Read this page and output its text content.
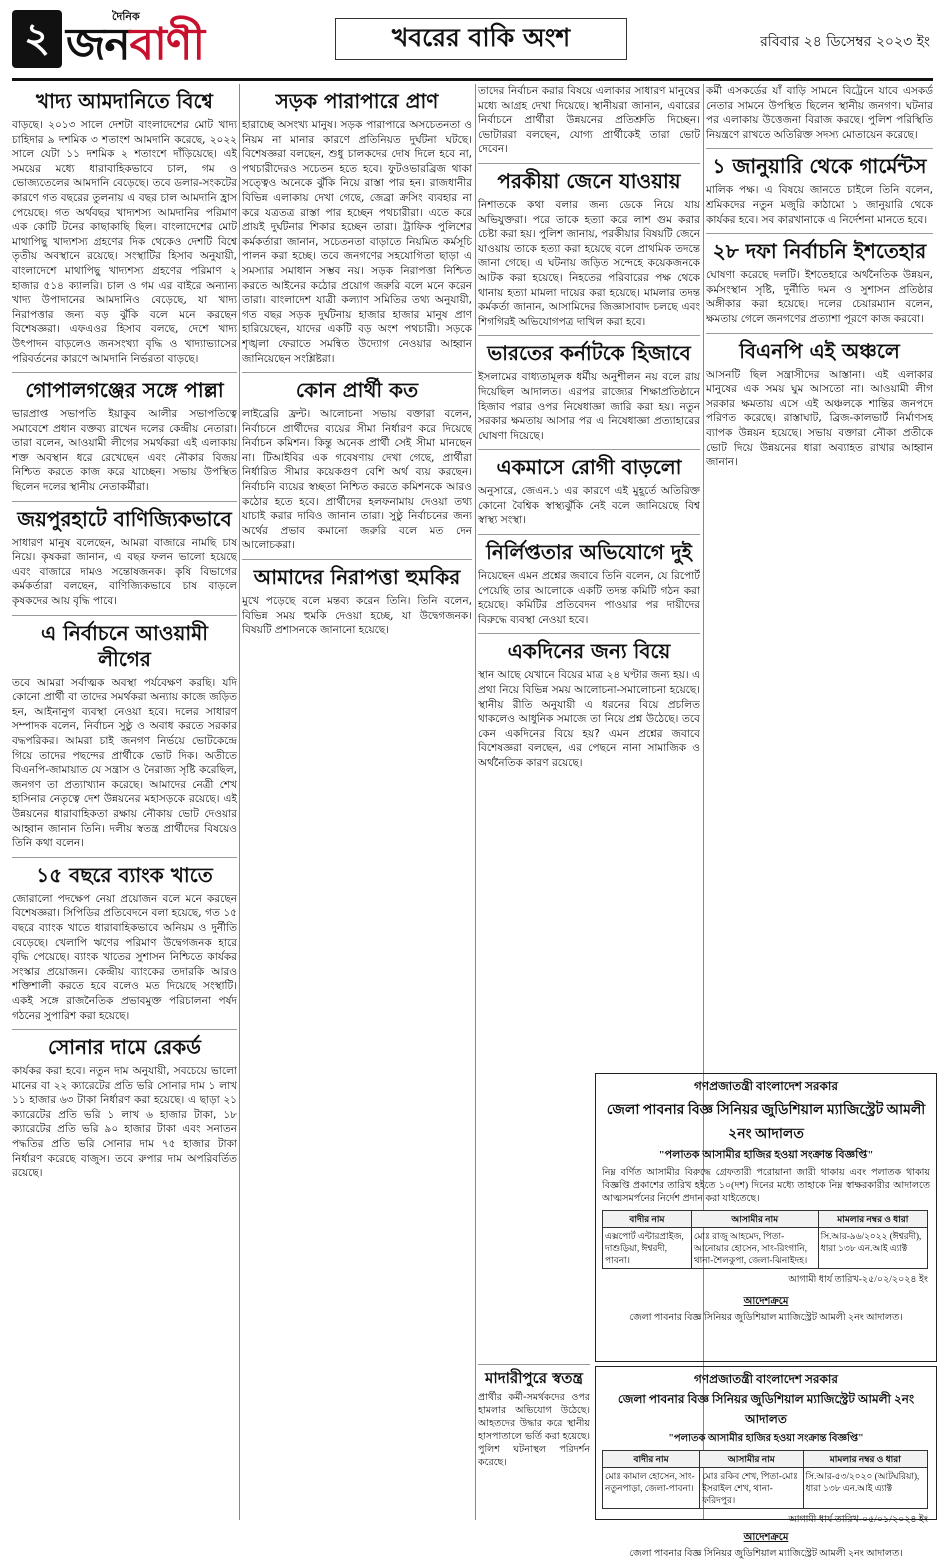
২	দৈনিক
জনবাণী	খবরের বাকি অংশ	রবিবার ২৪ ডিসেম্বর ২০২৩ ইং
খাদ্য আমদানিতে বিশ্বে

বাড়ছে। ২০১৩ সালে দেশটা বাংলাদেশের মোট খাদ্য চাহিদার ৯ দশমিক ৩ শতাংশ আমদানি করেছে, ২০২২ সালে যেটা ১১ দশমিক ২ শতাংশে দাঁড়িয়েছে। এই সময়ের মধ্যে ধারাবাহিকভাবে চাল, গম ও ভোজ্যতেলের আমদানি বেড়েছে। তবে ডলার-সংকটের কারণে গত বছরের তুলনায় এ বছর চাল আমদানি হ্রাস পেয়েছে। গত অর্থবছর খাদ্যশস্য আমদানির পরিমাণ এক কোটি টনের কাছাকাছি ছিল। বাংলাদেশের মোট মাথাপিছু খাদ্যশস্য গ্রহণের দিক থেকেও দেশটি বিশ্বে তৃতীয় অবস্থানে রয়েছে। সংস্থাটির হিসাব অনুযায়ী, বাংলাদেশে মাথাপিছু খাদ্যশস্য গ্রহণের পরিমাণ ২ হাজার ৫১৪ ক্যালরি। চাল ও গম এর বাইরে অন্যান্য খাদ্য উপাদানের আমদানিও বেড়েছে, যা খাদ্য নিরাপত্তার জন্য বড় ঝুঁকি বলে মনে করছেন বিশেষজ্ঞরা। এফএওর হিসাব বলছে, দেশে খাদ্য উৎপাদন বাড়লেও জনসংখ্যা বৃদ্ধি ও খাদ্যাভ্যাসের পরিবর্তনের কারণে আমদানি নির্ভরতা বাড়ছে।

গোপালগঞ্জের সঙ্গে পাল্লা

ভারপ্রাপ্ত সভাপতি ইয়াকুব আলীর সভাপতিত্বে সমাবেশে প্রধান বক্তব্য রাখেন দলের কেন্দ্রীয় নেতারা। তারা বলেন, আওয়ামী লীগের সমর্থকরা এই এলাকায় শক্ত অবস্থান ধরে রেখেছেন এবং নৌকার বিজয় নিশ্চিত করতে কাজ করে যাচ্ছেন। সভায় উপস্থিত ছিলেন দলের স্থানীয় নেতাকর্মীরা।

জয়পুরহাটে বাণিজ্যিকভাবে

সাধারণ মানুষ বলেছেন, আমরা বাজারে নামছি চাষ নিয়ে। কৃষকরা জানান, এ বছর ফলন ভালো হয়েছে এবং বাজারে দামও সন্তোষজনক। কৃষি বিভাগের কর্মকর্তারা বলছেন, বাণিজ্যিকভাবে চাষ বাড়লে কৃষকদের আয় বৃদ্ধি পাবে।

এ নির্বাচনে আওয়ামী লীগের

তবে আমরা সর্বাত্মক অবস্থা পর্যবেক্ষণ করছি। যদি কোনো প্রার্থী বা তাদের সমর্থকরা অন্যায় কাজে জড়িত হন, আইনানুগ ব্যবস্থা নেওয়া হবে। দলের সাধারণ সম্পাদক বলেন, নির্বাচন সুষ্ঠু ও অবাধ করতে সরকার বদ্ধপরিকর। আমরা চাই জনগণ নির্ভয়ে ভোটকেন্দ্রে গিয়ে তাদের পছন্দের প্রার্থীকে ভোট দিক। অতীতে বিএনপি-জামায়াত যে সন্ত্রাস ও নৈরাজ্য সৃষ্টি করেছিল, জনগণ তা প্রত্যাখ্যান করেছে। আমাদের নেত্রী শেখ হাসিনার নেতৃত্বে দেশ উন্নয়নের মহাসড়কে রয়েছে। এই উন্নয়নের ধারাবাহিকতা রক্ষায় নৌকায় ভোট দেওয়ার আহ্বান জানান তিনি। দলীয় স্বতন্ত্র প্রার্থীদের বিষয়েও তিনি কথা বলেন।

১৫ বছরে ব্যাংক খাতে

জোরালো পদক্ষেপ নেয়া প্রয়োজন বলে মনে করছেন বিশেষজ্ঞরা। সিপিডির প্রতিবেদনে বলা হয়েছে, গত ১৫ বছরে ব্যাংক খাতে ধারাবাহিকভাবে অনিয়ম ও দুর্নীতি বেড়েছে। খেলাপি ঋণের পরিমাণ উদ্বেগজনক হারে বৃদ্ধি পেয়েছে। ব্যাংক খাতের সুশাসন নিশ্চিতে কার্যকর সংস্কার প্রয়োজন। কেন্দ্রীয় ব্যাংকের তদারকি আরও শক্তিশালী করতে হবে বলেও মত দিয়েছে সংস্থাটি। একই সঙ্গে রাজনৈতিক প্রভাবমুক্ত পরিচালনা পর্ষদ গঠনের সুপারিশ করা হয়েছে।

সোনার দামে রেকর্ড

কার্যকর করা হবে। নতুন দাম অনুযায়ী, সবচেয়ে ভালো মানের বা ২২ ক্যারেটের প্রতি ভরি সোনার দাম ১ লাখ ১১ হাজার ৬৩ টাকা নির্ধারণ করা হয়েছে। এ ছাড়া ২১ ক্যারেটের প্রতি ভরি ১ লাখ ৬ হাজার টাকা, ১৮ ক্যারেটের প্রতি ভরি ৯০ হাজার টাকা এবং সনাতন পদ্ধতির প্রতি ভরি সোনার দাম ৭৫ হাজার টাকা নির্ধারণ করেছে বাজুস। তবে রুপার দাম অপরিবর্তিত রয়েছে।

সড়ক পারাপারে প্রাণ

হারাচ্ছে অসংখ্য মানুষ। সড়ক পারাপারে অসচেতনতা ও নিয়ম না মানার কারণে প্রতিনিয়ত দুর্ঘটনা ঘটছে। বিশেষজ্ঞরা বলছেন, শুধু চালকদের দোষ দিলে হবে না, পথচারীদেরও সচেতন হতে হবে। ফুটওভারব্রিজ থাকা সত্ত্বেও অনেকে ঝুঁকি নিয়ে রাস্তা পার হন। রাজধানীর বিভিন্ন এলাকায় দেখা গেছে, জেব্রা ক্রসিং ব্যবহার না করে যত্রতত্র রাস্তা পার হচ্ছেন পথচারীরা। এতে করে প্রায়ই দুর্ঘটনার শিকার হচ্ছেন তারা। ট্রাফিক পুলিশের কর্মকর্তারা জানান, সচেতনতা বাড়াতে নিয়মিত কর্মসূচি পালন করা হচ্ছে। তবে জনগণের সহযোগিতা ছাড়া এ সমস্যার সমাধান সম্ভব নয়। সড়ক নিরাপত্তা নিশ্চিত করতে আইনের কঠোর প্রয়োগ জরুরি বলে মনে করেন তারা। বাংলাদেশ যাত্রী কল্যাণ সমিতির তথ্য অনুযায়ী, গত বছর সড়ক দুর্ঘটনায় হাজার হাজার মানুষ প্রাণ হারিয়েছেন, যাদের একটি বড় অংশ পথচারী। সড়কে শৃঙ্খলা ফেরাতে সমন্বিত উদ্যোগ নেওয়ার আহ্বান জানিয়েছেন সংশ্লিষ্টরা।

কোন প্রার্থী কত

লাইব্রেরি ফ্রন্ট। আলোচনা সভায় বক্তারা বলেন, নির্বাচনে প্রার্থীদের ব্যয়ের সীমা নির্ধারণ করে দিয়েছে নির্বাচন কমিশন। কিন্তু অনেক প্রার্থী সেই সীমা মানছেন না। টিআইবির এক গবেষণায় দেখা গেছে, প্রার্থীরা নির্ধারিত সীমার কয়েকগুণ বেশি অর্থ ব্যয় করছেন। নির্বাচনি ব্যয়ের স্বচ্ছতা নিশ্চিত করতে কমিশনকে আরও কঠোর হতে হবে। প্রার্থীদের হলফনামায় দেওয়া তথ্য যাচাই করার দাবিও জানান তারা। সুষ্ঠু নির্বাচনের জন্য অর্থের প্রভাব কমানো জরুরি বলে মত দেন আলোচকরা।

আমাদের নিরাপত্তা হুমকির

মুখে পড়েছে বলে মন্তব্য করেন তিনি। তিনি বলেন, বিভিন্ন সময় হুমকি দেওয়া হচ্ছে, যা উদ্বেগজনক। বিষয়টি প্রশাসনকে জানানো হয়েছে।

তাদের নির্বাচন করার বিষয়ে এলাকার সাধারণ মানুষের মধ্যে আগ্রহ দেখা দিয়েছে। স্থানীয়রা জানান, এবারের নির্বাচনে প্রার্থীরা উন্নয়নের প্রতিশ্রুতি দিচ্ছেন। ভোটাররা বলছেন, যোগ্য প্রার্থীকেই তারা ভোট দেবেন।

পরকীয়া জেনে যাওয়ায়

নিশাতকে কথা বলার জন্য ডেকে নিয়ে যায় অভিযুক্তরা। পরে তাকে হত্যা করে লাশ গুম করার চেষ্টা করা হয়। পুলিশ জানায়, পরকীয়ার বিষয়টি জেনে যাওয়ায় তাকে হত্যা করা হয়েছে বলে প্রাথমিক তদন্তে জানা গেছে। এ ঘটনায় জড়িত সন্দেহে কয়েকজনকে আটক করা হয়েছে। নিহতের পরিবারের পক্ষ থেকে থানায় হত্যা মামলা দায়ের করা হয়েছে। মামলার তদন্ত কর্মকর্তা জানান, আসামিদের জিজ্ঞাসাবাদ চলছে এবং শিগগিরই অভিযোগপত্র দাখিল করা হবে।

ভারতের কর্নাটকে হিজাবে

ইসলামের বাধ্যতামূলক ধর্মীয় অনুশীলন নয় বলে রায় দিয়েছিল আদালত। এরপর রাজ্যের শিক্ষাপ্রতিষ্ঠানে হিজাব পরার ওপর নিষেধাজ্ঞা জারি করা হয়। নতুন সরকার ক্ষমতায় আসার পর এ নিষেধাজ্ঞা প্রত্যাহারের ঘোষণা দিয়েছে।

একমাসে রোগী বাড়লো

অনুসারে, জেএন.১ এর কারণে এই মুহূর্তে অতিরিক্ত কোনো বৈশ্বিক স্বাস্থ্যঝুঁকি নেই বলে জানিয়েছে বিশ্ব স্বাস্থ্য সংস্থা।

নির্লিপ্ততার অভিযোগে দুই

নিয়েছেন এমন প্রশ্নের জবাবে তিনি বলেন, যে রিপোর্ট পেয়েছি তার আলোকে একটি তদন্ত কমিটি গঠন করা হয়েছে। কমিটির প্রতিবেদন পাওয়ার পর দায়ীদের বিরুদ্ধে ব্যবস্থা নেওয়া হবে।

একদিনের জন্য বিয়ে

স্থান আছে যেখানে বিয়ের মাত্র ২৪ ঘণ্টার জন্য হয়। এ প্রথা নিয়ে বিভিন্ন সময় আলোচনা-সমালোচনা হয়েছে। স্থানীয় রীতি অনুযায়ী এ ধরনের বিয়ে প্রচলিত থাকলেও আধুনিক সমাজে তা নিয়ে প্রশ্ন উঠেছে। তবে কেন একদিনের বিয়ে হয়? এমন প্রশ্নের জবাবে বিশেষজ্ঞরা বলছেন, এর পেছনে নানা সামাজিক ও অর্থনৈতিক কারণ রয়েছে।

কর্মী এসকর্ডের যাঁ বাড়ি সামনে বিট্রেনে যাবে এসকর্ড নেতার সামনে উপস্থিত ছিলেন স্থানীয় জনগণ। ঘটনার পর এলাকায় উত্তেজনা বিরাজ করছে। পুলিশ পরিস্থিতি নিয়ন্ত্রণে রাখতে অতিরিক্ত সদস্য মোতায়েন করেছে।

১ জানুয়ারি থেকে গার্মেন্টস

মালিক পক্ষ। এ বিষয়ে জানতে চাইলে তিনি বলেন, শ্রমিকদের নতুন মজুরি কাঠামো ১ জানুয়ারি থেকে কার্যকর হবে। সব কারখানাকে এ নির্দেশনা মানতে হবে।

২৮ দফা নির্বাচনি ইশতেহার

ঘোষণা করেছে দলটি। ইশতেহারে অর্থনৈতিক উন্নয়ন, কর্মসংস্থান সৃষ্টি, দুর্নীতি দমন ও সুশাসন প্রতিষ্ঠার অঙ্গীকার করা হয়েছে। দলের চেয়ারম্যান বলেন, ক্ষমতায় গেলে জনগণের প্রত্যাশা পূরণে কাজ করবো।

বিএনপি এই অঞ্চলে

আসনটি ছিল সন্ত্রাসীদের আস্তানা। এই এলাকার মানুষের এক সময় ঘুম আসতো না। আওয়ামী লীগ সরকার ক্ষমতায় এসে এই অঞ্চলকে শান্তির জনপদে পরিণত করেছে। রাস্তাঘাট, ব্রিজ-কালভার্ট নির্মাণসহ ব্যাপক উন্নয়ন হয়েছে। সভায় বক্তারা নৌকা প্রতীকে ভোট দিয়ে উন্নয়নের ধারা অব্যাহত রাখার আহ্বান জানান।

মাদারীপুরে স্বতন্ত্র

প্রার্থীর কর্মী-সমর্থকদের ওপর হামলার অভিযোগ উঠেছে। আহতদের উদ্ধার করে স্থানীয় হাসপাতালে ভর্তি করা হয়েছে। পুলিশ ঘটনাস্থল পরিদর্শন করেছে।

গণপ্রজাতন্ত্রী বাংলাদেশ সরকার
জেলা পাবনার বিজ্ঞ সিনিয়র জুডিশিয়াল ম্যাজিস্ট্রেট আমলী ২নং আদালত
"পলাতক আসামীর হাজির হওয়া সংক্রান্ত বিজ্ঞপ্তি"
নিম্ন বর্ণিত আসামীর বিরুদ্ধে গ্রেফতারী পরোয়ানা জারী থাকায় এবং পলাতক থাকায় বিজ্ঞপ্তি প্রকাশের তারিখ হইতে ১০(দশ) দিনের মধ্যে তাহাকে নিম্ন স্বাক্ষরকারীর আদালতে আত্মসমর্পনের নির্দেশ প্রদান করা যাইতেছে।
বাদীর নাম	আসামীর নাম	মামলার নম্বর ও ধারা
এক্সপোর্ট এন্টারপ্রাইজ, দাশুড়িয়া, ঈশ্বরদী, পাবনা।	মোঃ রাজু আহমেদ, পিতা-আনোয়ার হোসেন, সাং-রিংগানি, থানা-শৈলকুপা, জেলা-ঝিনাইদহ।	সি.আর-৯৬/২০২২ (ঈশ্বরদী), ধারা ১৩৮ এন.আই এ্যাক্ট
আগামী ধার্য তারিখ-২৫/০২/২০২৪ ইং
আদেশক্রমে
জেলা পাবনার বিজ্ঞ সিনিয়র জুডিশিয়াল ম্যাজিস্ট্রেট আমলী ২নং আদালত।
গণপ্রজাতন্ত্রী বাংলাদেশ সরকার
জেলা পাবনার বিজ্ঞ সিনিয়র জুডিশিয়াল ম্যাজিস্ট্রেট আমলী ২নং আদালত
"পলাতক আসামীর হাজির হওয়া সংক্রান্ত বিজ্ঞপ্তি"
বাদীর নাম	আসামীর নাম	মামলার নম্বর ও ধারা
মোঃ কামাল হোসেন, সাং-নতুনপাড়া, জেলা-পাবনা।	মোঃ রকিব শেখ, পিতা-মোঃ ইসরাইল শেখ, থানা-ফরিদপুর।	সি.আর-৫৩/২০২০ (আটঘরিয়া), ধারা ১৩৮ এন.আই এ্যাক্ট
আগামী ধার্য তারিখ-০৫/০১/২০২৪ ইং
আদেশক্রমে
জেলা পাবনার বিজ্ঞ সিনিয়র জুডিশিয়াল ম্যাজিস্ট্রেট আমলী ২নং আদালত।
